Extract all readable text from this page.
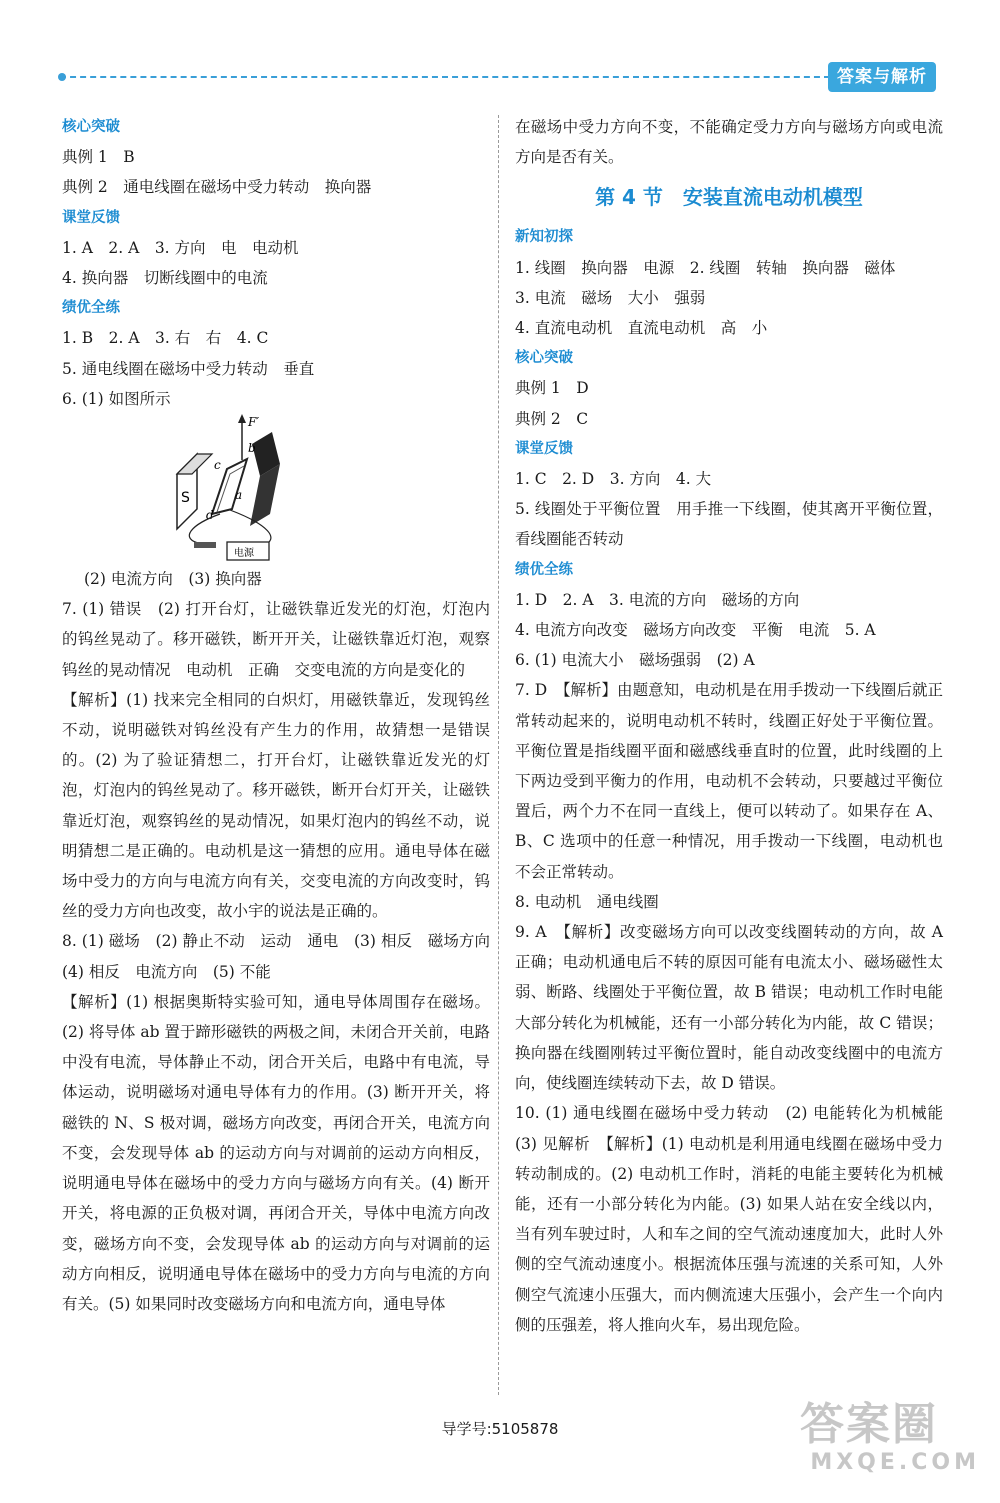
答案与解析
核心突破
典例 1　B
典例 2　通电线圈在磁场中受力转动　换向器
课堂反馈
1. A　2. A　3. 方向　电　电动机
4. 换向器　切断线圈中的电流
绩优全练
1. B　2. A　3. 右　右　4. C
5. 通电线圈在磁场中受力转动　垂直
6. (1) 如图所示
S
F′
b
c
a
d
电源
(2) 电流方向　(3) 换向器
7. (1) 错误　(2) 打开台灯，让磁铁靠近发光的灯泡，灯泡内的钨丝晃动了。移开磁铁，断开开关，让磁铁靠近灯泡，观察钨丝的晃动情况　电动机　正确　交变电流的方向是变化的
【解析】(1) 找来完全相同的白炽灯，用磁铁靠近，发现钨丝不动，说明磁铁对钨丝没有产生力的作用，故猜想一是错误的。(2) 为了验证猜想二，打开台灯，让磁铁靠近发光的灯泡，灯泡内的钨丝晃动了。移开磁铁，断开台灯开关，让磁铁靠近灯泡，观察钨丝的晃动情况，如果灯泡内的钨丝不动，说明猜想二是正确的。电动机是这一猜想的应用。通电导体在磁场中受力的方向与电流方向有关，交变电流的方向改变时，钨丝的受力方向也改变，故小宇的说法是正确的。
8. (1) 磁场　(2) 静止不动　运动　通电　(3) 相反　磁场方向　(4) 相反　电流方向　(5) 不能
【解析】(1) 根据奥斯特实验可知，通电导体周围存在磁场。(2) 将导体 ab 置于蹄形磁铁的两极之间，未闭合开关前，电路中没有电流，导体静止不动，闭合开关后，电路中有电流，导体运动，说明磁场对通电导体有力的作用。(3) 断开开关，将磁铁的 N、S 极对调，磁场方向改变，再闭合开关，电流方向不变，会发现导体 ab 的运动方向与对调前的运动方向相反，说明通电导体在磁场中的受力方向与磁场方向有关。(4) 断开开关，将电源的正负极对调，再闭合开关，导体中电流方向改变，磁场方向不变，会发现导体 ab 的运动方向与对调前的运动方向相反，说明通电导体在磁场中的受力方向与电流的方向有关。(5) 如果同时改变磁场方向和电流方向，通电导体
在磁场中受力方向不变，不能确定受力方向与磁场方向或电流方向是否有关。
第 4 节　安装直流电动机模型
新知初探
1. 线圈　换向器　电源　2. 线圈　转轴　换向器　磁体
3. 电流　磁场　大小　强弱
4. 直流电动机　直流电动机　高　小
核心突破
典例 1　D
典例 2　C
课堂反馈
1. C　2. D　3. 方向　4. 大
5. 线圈处于平衡位置　用手推一下线圈，使其离开平衡位置，看线圈能否转动
绩优全练
1. D　2. A　3. 电流的方向　磁场的方向
4. 电流方向改变　磁场方向改变　平衡　电流　5. A
6. (1) 电流大小　磁场强弱　(2) A
7. D　【解析】由题意知，电动机是在用手拨动一下线圈后就正常转动起来的，说明电动机不转时，线圈正好处于平衡位置。平衡位置是指线圈平面和磁感线垂直时的位置，此时线圈的上下两边受到平衡力的作用，电动机不会转动，只要越过平衡位置后，两个力不在同一直线上，便可以转动了。如果存在 A、B、C 选项中的任意一种情况，用手拨动一下线圈，电动机也不会正常转动。
8. 电动机　通电线圈
9. A　【解析】改变磁场方向可以改变线圈转动的方向，故 A 正确；电动机通电后不转的原因可能有电流太小、磁场磁性太弱、断路、线圈处于平衡位置，故 B 错误；电动机工作时电能大部分转化为机械能，还有一小部分转化为内能，故 C 错误；换向器在线圈刚转过平衡位置时，能自动改变线圈中的电流方向，使线圈连续转动下去，故 D 错误。
10. (1) 通电线圈在磁场中受力转动　(2) 电能转化为机械能　(3) 见解析　【解析】(1) 电动机是利用通电线圈在磁场中受力转动制成的。(2) 电动机工作时，消耗的电能主要转化为机械能，还有一小部分转化为内能。(3) 如果人站在安全线以内，当有列车驶过时，人和车之间的空气流动速度加大，此时人外侧的空气流动速度小。根据流体压强与流速的关系可知，人外侧空气流速小压强大，而内侧流速大压强小，会产生一个向内侧的压强差，将人推向火车，易出现危险。
导学号:5105878	答案圈
MXQE.COM
